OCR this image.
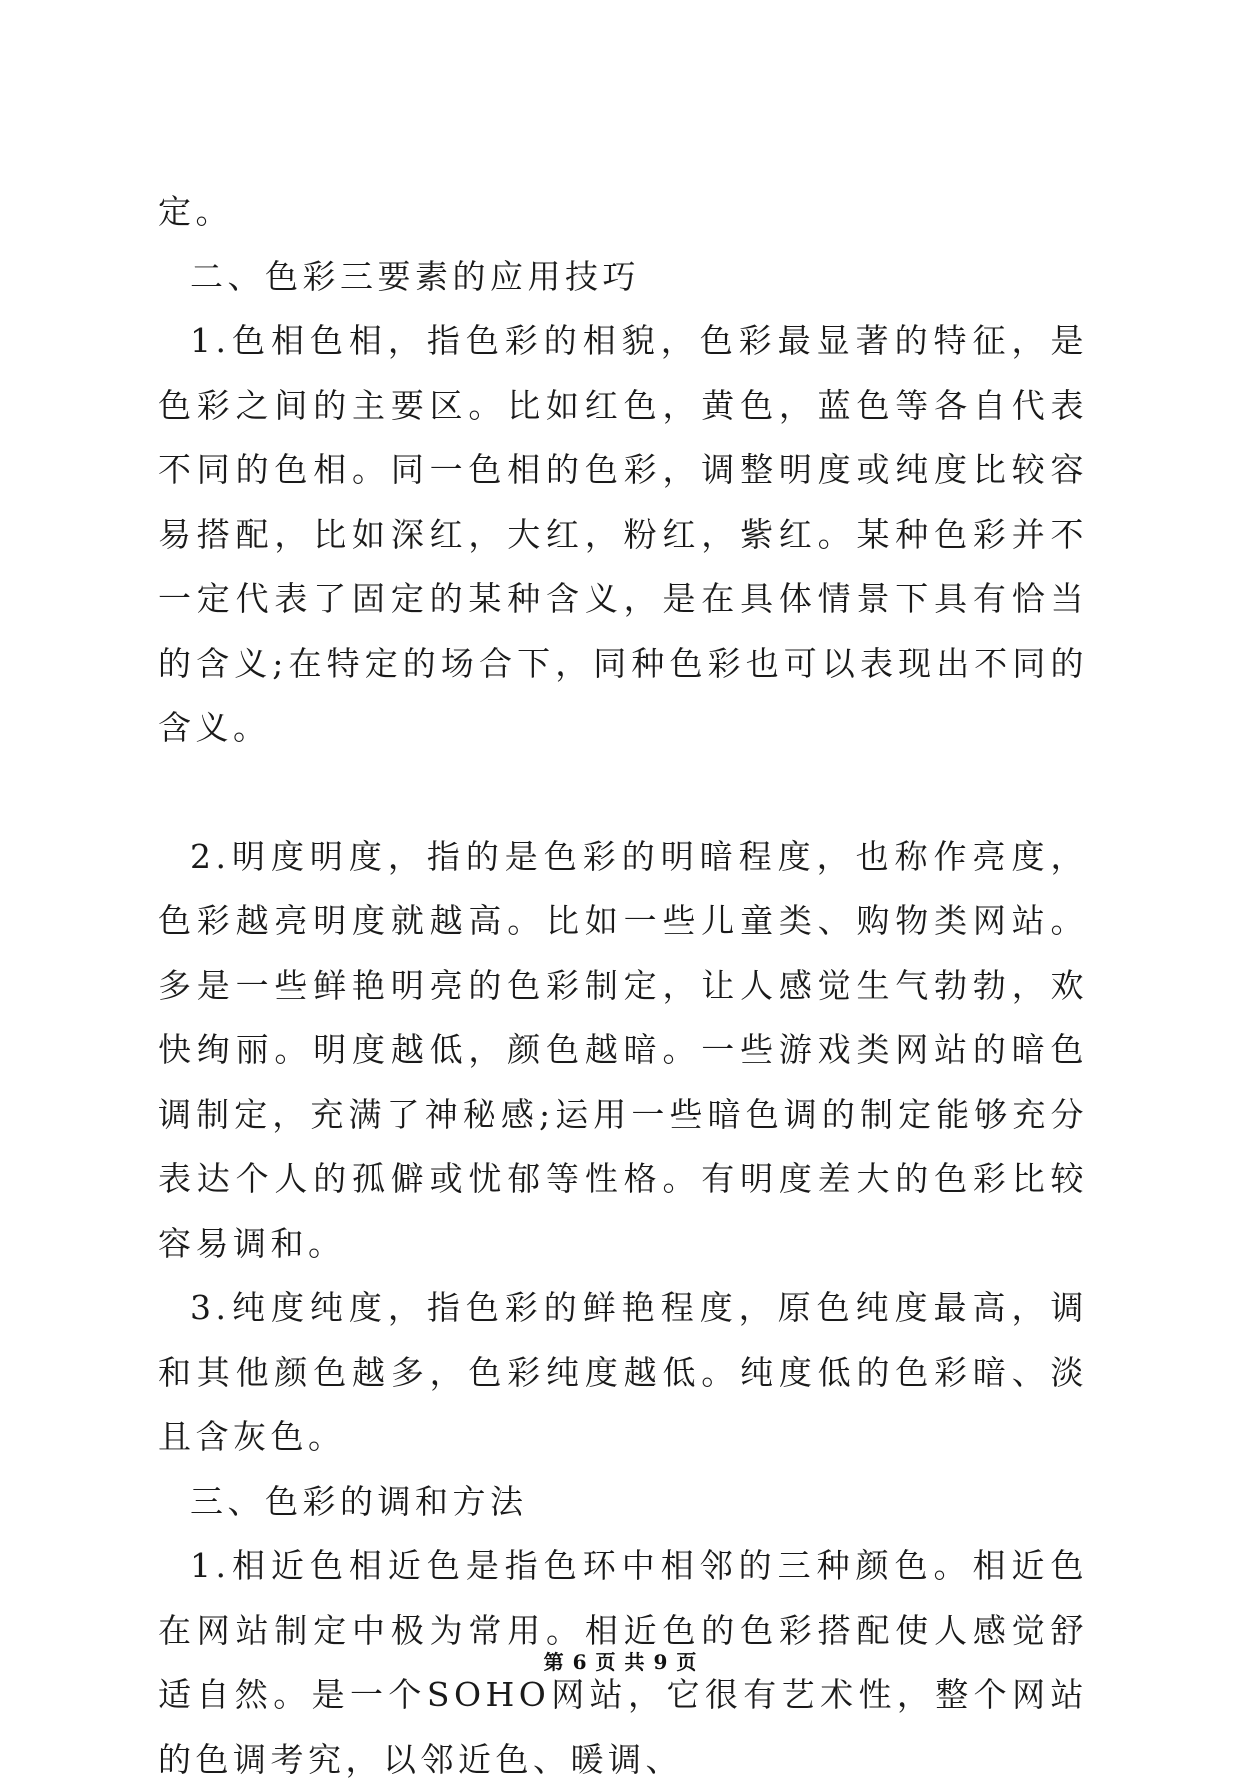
定。

二、色彩三要素的应用技巧

1.色相色相，指色彩的相貌，色彩最显著的特征，是色彩之间的主要区。比如红色，黄色，蓝色等各自代表不同的色相。同一色相的色彩，调整明度或纯度比较容易搭配，比如深红，大红，粉红，紫红。某种色彩并不一定代表了固定的某种含义，是在具体情景下具有恰当的含义;在特定的场合下，同种色彩也可以表现出不同的含义。

2.明度明度，指的是色彩的明暗程度，也称作亮度，色彩越亮明度就越高。比如一些儿童类、购物类网站。多是一些鲜艳明亮的色彩制定，让人感觉生气勃勃，欢快绚丽。明度越低，颜色越暗。一些游戏类网站的暗色调制定，充满了神秘感;运用一些暗色调的制定能够充分表达个人的孤僻或忧郁等性格。有明度差大的色彩比较容易调和。

3.纯度纯度，指色彩的鲜艳程度，原色纯度最高，调和其他颜色越多，色彩纯度越低。纯度低的色彩暗、淡且含灰色。

三、色彩的调和方法

1.相近色相近色是指色环中相邻的三种颜色。相近色在网站制定中极为常用。相近色的色彩搭配使人感觉舒适自然。是一个SOHO网站，它很有艺术性，整个网站的色调考究，以邻近色、暖调、

第 6 页 共 9 页
